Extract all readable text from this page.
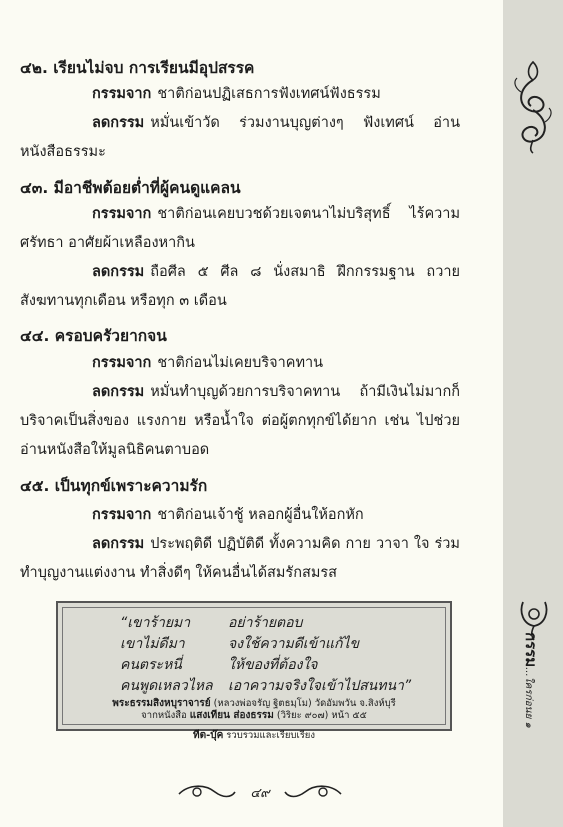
กรรม...ใครก่อนย ๑
๔๒. เรียนไม่จบ การเรียนมีอุปสรรค
กรรมจาก ชาติก่อนปฏิเสธการฟังเทศน์ฟังธรรม
ลดกรรม หมั่นเข้าวัด ร่วมงานบุญต่างๆ ฟังเทศน์ อ่านหนังสือธรรมะ
๔๓. มีอาชีพต้อยต่ำที่ผู้คนดูแคลน
กรรมจาก ชาติก่อนเคยบวชด้วยเจตนาไม่บริสุทธิ์ ไร้ความศรัทธา อาศัยผ้าเหลืองหากิน
ลดกรรม ถือศีล ๕ ศีล ๘ นั่งสมาธิ ฝึกกรรมฐาน ถวายสังฆทานทุกเดือน หรือทุก ๓ เดือน
๔๔. ครอบครัวยากจน
กรรมจาก ชาติก่อนไม่เคยบริจาคทาน
ลดกรรม หมั่นทำบุญด้วยการบริจาคทาน ถ้ามีเงินไม่มากก็บริจาคเป็นสิ่งของ แรงกาย หรือน้ำใจ ต่อผู้ตกทุกข์ได้ยาก เช่น ไปช่วยอ่านหนังสือให้มูลนิธิคนตาบอด
๔๕. เป็นทุกข์เพราะความรัก
กรรมจาก ชาติก่อนเจ้าชู้ หลอกผู้อื่นให้อกหัก
ลดกรรม ประพฤติดี ปฏิบัติดี ทั้งความคิด กาย วาจา ใจ ร่วมทำบุญงานแต่งงาน ทำสิ่งดีๆ ให้คนอื่นได้สมรักสมรส
“เขาร้ายมา	อย่าร้ายตอบ
เขาไม่ดีมา	จงใช้ความดีเข้าแก้ไข
คนตระหนี่	ให้ของที่ต้องใจ
คนพูดเหลวไหล เอาความจริงใจเข้าไปสนทนา”
พระธรรมสิงหบุราจารย์ (หลวงพ่อจรัญ ฐิตธมฺโม) วัดอัมพวัน จ.สิงห์บุรี
จากหนังสือ แสงเทียน ส่องธรรม (วิริยะ ๙๐๗) หน้า ๕๕
ทีต-บุ๊ค รวบรวมและเรียบเรียง
๔๙
